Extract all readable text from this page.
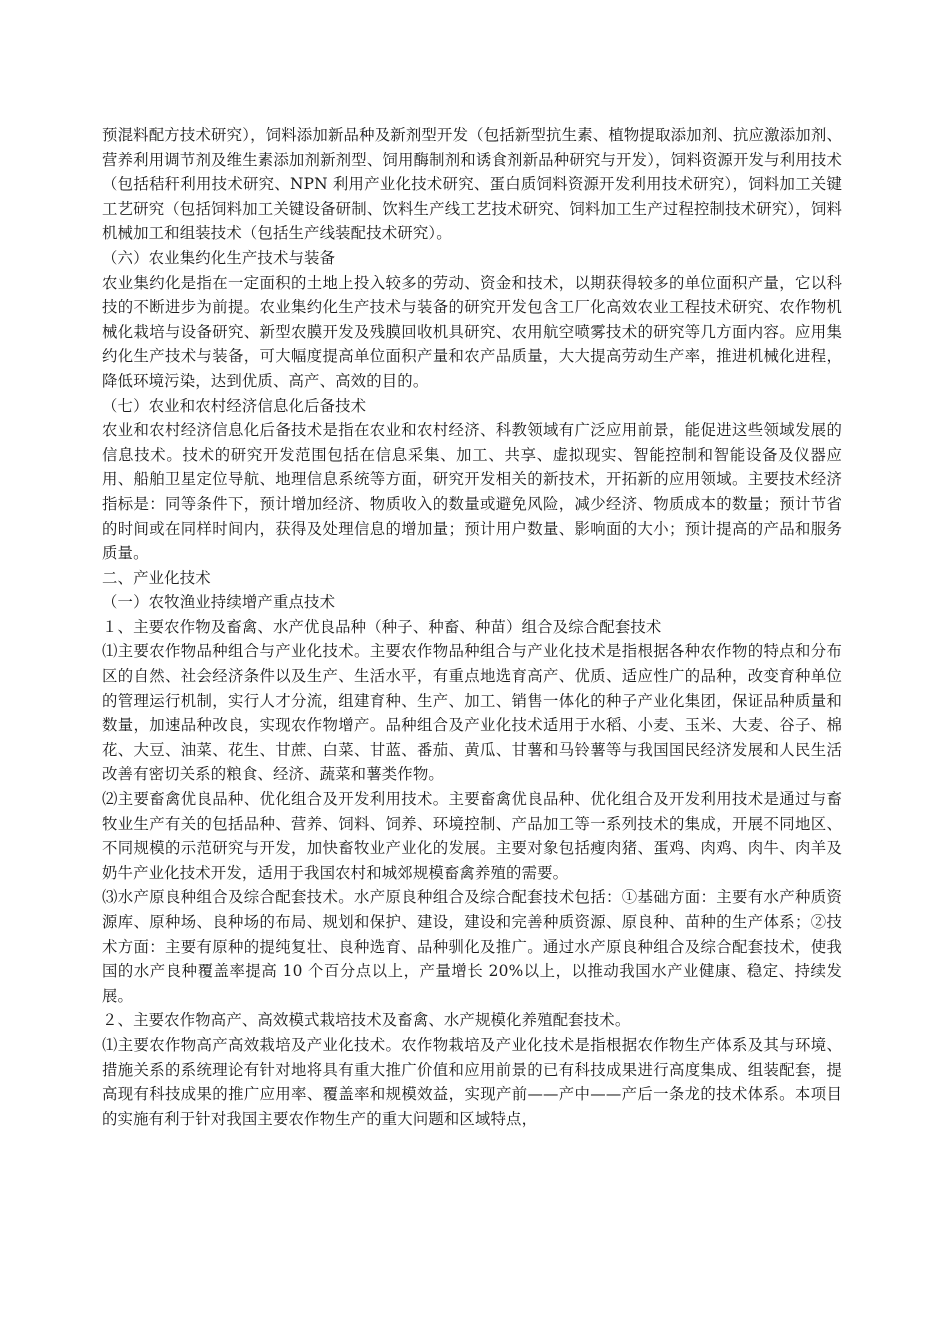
预混料配方技术研究），饲料添加新品种及新剂型开发（包括新型抗生素、植物提取添加剂、抗应激添加剂、营养利用调节剂及维生素添加剂新剂型、饲用酶制剂和诱食剂新品种研究与开发），饲料资源开发与利用技术（包括秸秆利用技术研究、NPN 利用产业化技术研究、蛋白质饲料资源开发利用技术研究），饲料加工关键工艺研究（包括饲料加工关键设备研制、饮料生产线工艺技术研究、饲料加工生产过程控制技术研究），饲料机械加工和组装技术（包括生产线装配技术研究）。

（六）农业集约化生产技术与装备

农业集约化是指在一定面积的土地上投入较多的劳动、资金和技术，以期获得较多的单位面积产量，它以科技的不断进步为前提。农业集约化生产技术与装备的研究开发包含工厂化高效农业工程技术研究、农作物机械化栽培与设备研究、新型农膜开发及残膜回收机具研究、农用航空喷雾技术的研究等几方面内容。应用集约化生产技术与装备，可大幅度提高单位面积产量和农产品质量，大大提高劳动生产率，推进机械化进程，降低环境污染，达到优质、高产、高效的目的。

（七）农业和农村经济信息化后备技术

农业和农村经济信息化后备技术是指在农业和农村经济、科教领域有广泛应用前景，能促进这些领域发展的信息技术。技术的研究开发范围包括在信息采集、加工、共享、虚拟现实、智能控制和智能设备及仪器应用、船舶卫星定位导航、地理信息系统等方面，研究开发相关的新技术，开拓新的应用领域。主要技术经济指标是：同等条件下，预计增加经济、物质收入的数量或避免风险，减少经济、物质成本的数量；预计节省的时间或在同样时间内，获得及处理信息的增加量；预计用户数量、影响面的大小；预计提高的产品和服务质量。

二、产业化技术

（一）农牧渔业持续增产重点技术

１、主要农作物及畜禽、水产优良品种（种子、种畜、种苗）组合及综合配套技术

⑴主要农作物品种组合与产业化技术。主要农作物品种组合与产业化技术是指根据各种农作物的特点和分布区的自然、社会经济条件以及生产、生活水平，有重点地选育高产、优质、适应性广的品种，改变育种单位的管理运行机制，实行人才分流，组建育种、生产、加工、销售一体化的种子产业化集团，保证品种质量和数量，加速品种改良，实现农作物增产。品种组合及产业化技术适用于水稻、小麦、玉米、大麦、谷子、棉花、大豆、油菜、花生、甘蔗、白菜、甘蓝、番茄、黄瓜、甘薯和马铃薯等与我国国民经济发展和人民生活改善有密切关系的粮食、经济、蔬菜和薯类作物。

⑵主要畜禽优良品种、优化组合及开发利用技术。主要畜禽优良品种、优化组合及开发利用技术是通过与畜牧业生产有关的包括品种、营养、饲料、饲养、环境控制、产品加工等一系列技术的集成，开展不同地区、不同规模的示范研究与开发，加快畜牧业产业化的发展。主要对象包括瘦肉猪、蛋鸡、肉鸡、肉牛、肉羊及奶牛产业化技术开发，适用于我国农村和城郊规模畜禽养殖的需要。

⑶水产原良种组合及综合配套技术。水产原良种组合及综合配套技术包括：①基础方面：主要有水产种质资源库、原种场、良种场的布局、规划和保护、建设，建设和完善种质资源、原良种、苗种的生产体系；②技术方面：主要有原种的提纯复壮、良种选育、品种驯化及推广。通过水产原良种组合及综合配套技术，使我国的水产良种覆盖率提高 10 个百分点以上，产量增长 20%以上，以推动我国水产业健康、稳定、持续发展。

２、主要农作物高产、高效模式栽培技术及畜禽、水产规模化养殖配套技术。

⑴主要农作物高产高效栽培及产业化技术。农作物栽培及产业化技术是指根据农作物生产体系及其与环境、措施关系的系统理论有针对地将具有重大推广价值和应用前景的已有科技成果进行高度集成、组装配套，提高现有科技成果的推广应用率、覆盖率和规模效益，实现产前——产中——产后一条龙的技术体系。本项目的实施有利于针对我国主要农作物生产的重大问题和区域特点，
